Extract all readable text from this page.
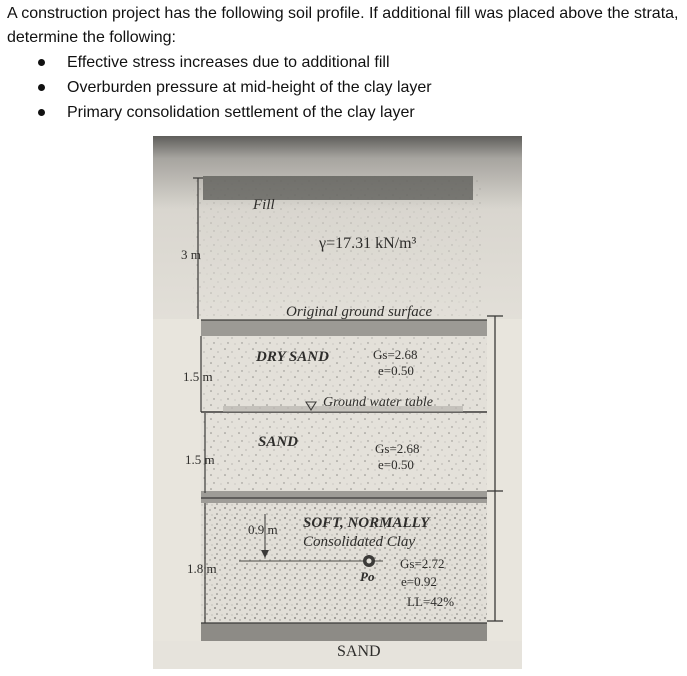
A construction project has the following soil profile. If additional fill was placed above the strata, determine the following:

Effective stress increases due to additional fill
Overburden pressure at mid-height of the clay layer
Primary consolidation settlement of the clay layer
Fill
γ=17.31 kN/m³
3 m
Original ground surface
DRY SAND	Gs=2.68
e=0.50
1.5 m
Ground water table
SAND	Gs=2.68
e=0.50
1.5 m
SOFT, NORMALLY
Consolidated Clay
0.9 m
Gs=2.72
e=0.92
LL=42%
Po
1.8 m
SAND
